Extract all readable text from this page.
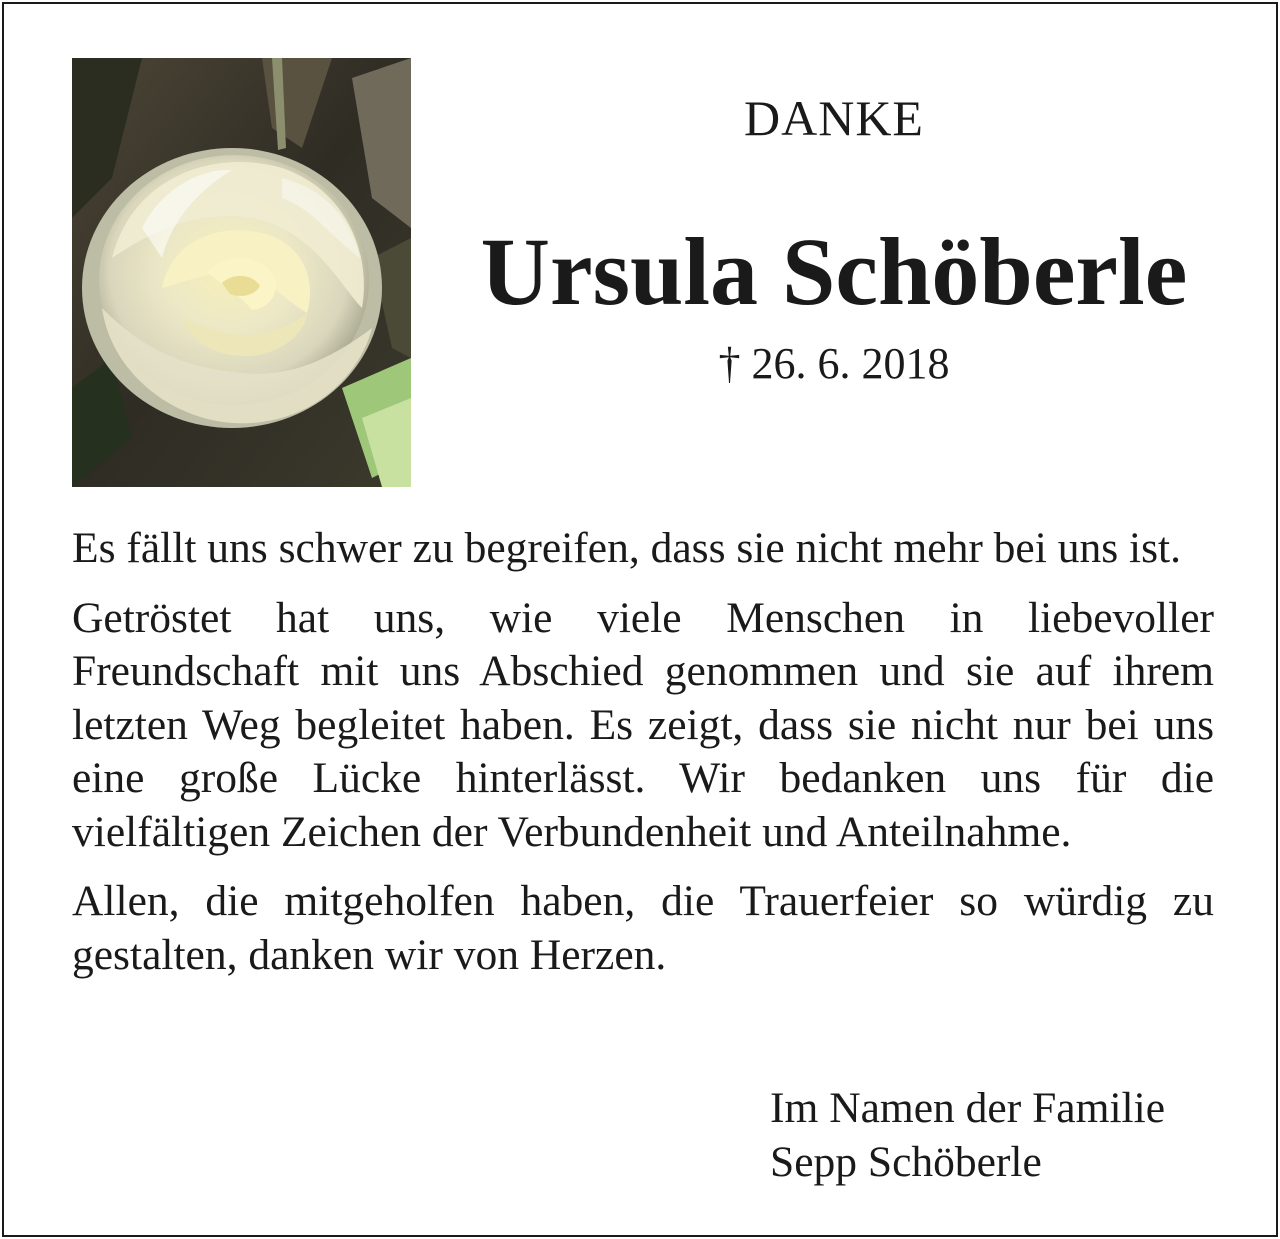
DANKE
Ursula Schöberle
† 26. 6. 2018

Es fällt uns schwer zu begreifen, dass sie nicht mehr bei uns ist.

Getröstet hat uns, wie viele Menschen in liebevoller Freundschaft mit uns Abschied genommen und sie auf ihrem letzten Weg begleitet haben. Es zeigt, dass sie nicht nur bei uns eine große Lücke hinterlässt. Wir bedanken uns für die vielfältigen Zeichen der Verbundenheit und Anteilnahme.

Allen, die mitgeholfen haben, die Trauerfeier so würdig zu gestalten, danken wir von Herzen.

Im Namen der Familie
Sepp Schöberle
